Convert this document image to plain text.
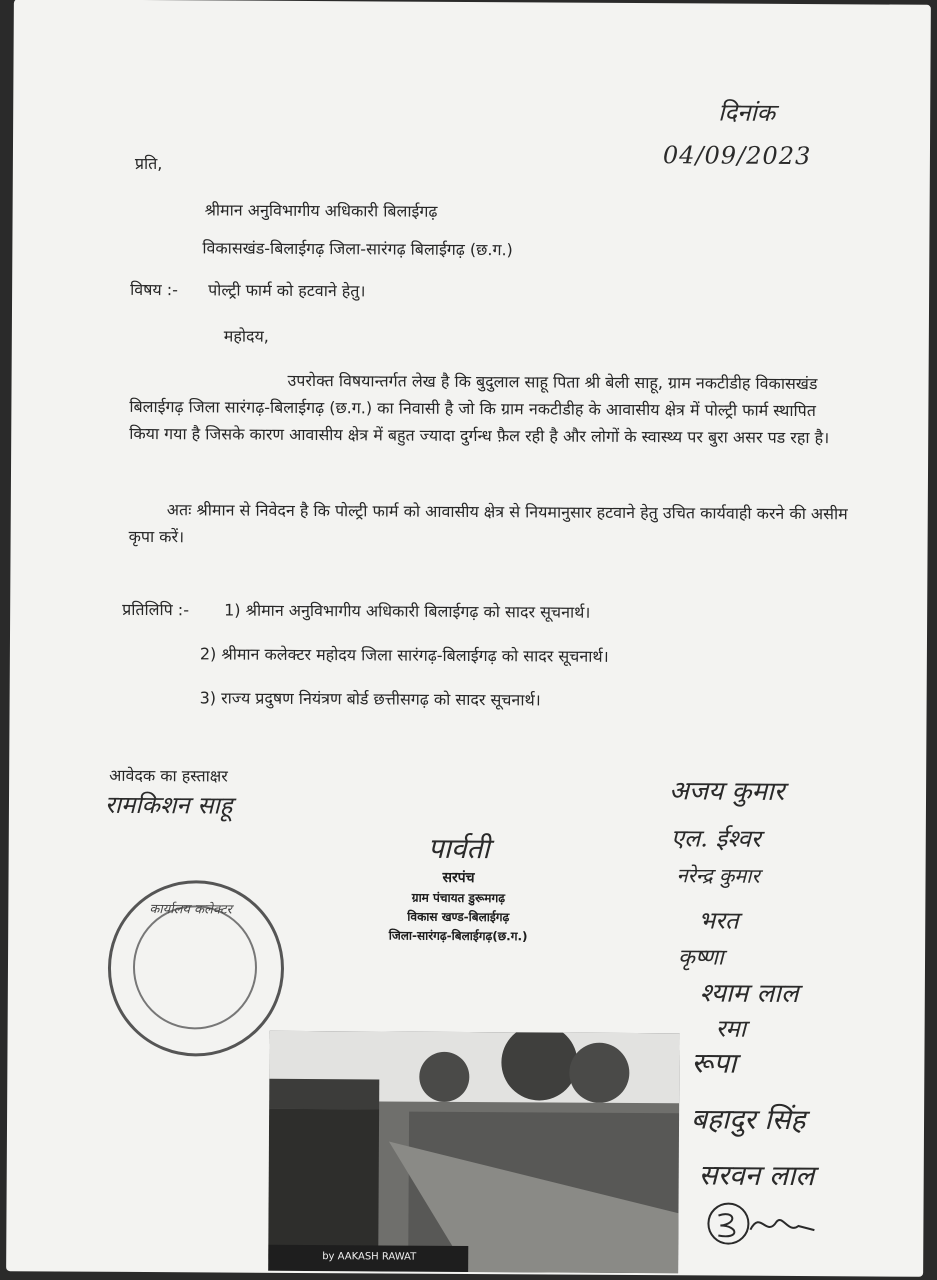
दिनांक
04/09/2023
प्रति,
श्रीमान अनुविभागीय अधिकारी बिलाईगढ़
विकासखंड-बिलाईगढ़ जिला-सारंगढ़ बिलाईगढ़ (छ.ग.)
विषय :- पोल्ट्री फार्म को हटवाने हेतु।
महोदय,
उपरोक्त विषयान्तर्गत लेख है कि बुदुलाल साहू पिता श्री बेली साहू, ग्राम नकटीडीह विकासखंड बिलाईगढ़ जिला सारंगढ़-बिलाईगढ़ (छ.ग.) का निवासी है जो कि ग्राम नकटीडीह के आवासीय क्षेत्र में पोल्ट्री फार्म स्थापित किया गया है जिसके कारण आवासीय क्षेत्र में बहुत ज्यादा दुर्गन्ध फ़ैल रही है और लोगों के स्वास्थ्य पर बुरा असर पड रहा है।
अतः श्रीमान से निवेदन है कि पोल्ट्री फार्म को आवासीय क्षेत्र से नियमानुसार हटवाने हेतु उचित कार्यवाही करने की असीम कृपा करें।
प्रतिलिपि :- 1) श्रीमान अनुविभागीय अधिकारी बिलाईगढ़ को सादर सूचनार्थ।
2) श्रीमान कलेक्टर महोदय जिला सारंगढ़-बिलाईगढ़ को सादर सूचनार्थ।
3) राज्य प्रदुषण नियंत्रण बोर्ड छत्तीसगढ़ को सादर सूचनार्थ।
आवेदक का हस्ताक्षर
रामकिशन साहू
पार्वती
सरपंच
ग्राम पंचायत डुरूमगढ़
विकास खण्ड-बिलाईगढ़
जिला-सारंगढ़-बिलाईगढ़(छ.ग.)
कार्यालय कलेक्टर
by AAKASH RAWAT
अजय कुमार
एल. ईश्वर
नरेन्द्र कुमार
भरत
कृष्णा
श्याम लाल
रमा
रूपा
बहादुर सिंह
सरवन लाल
